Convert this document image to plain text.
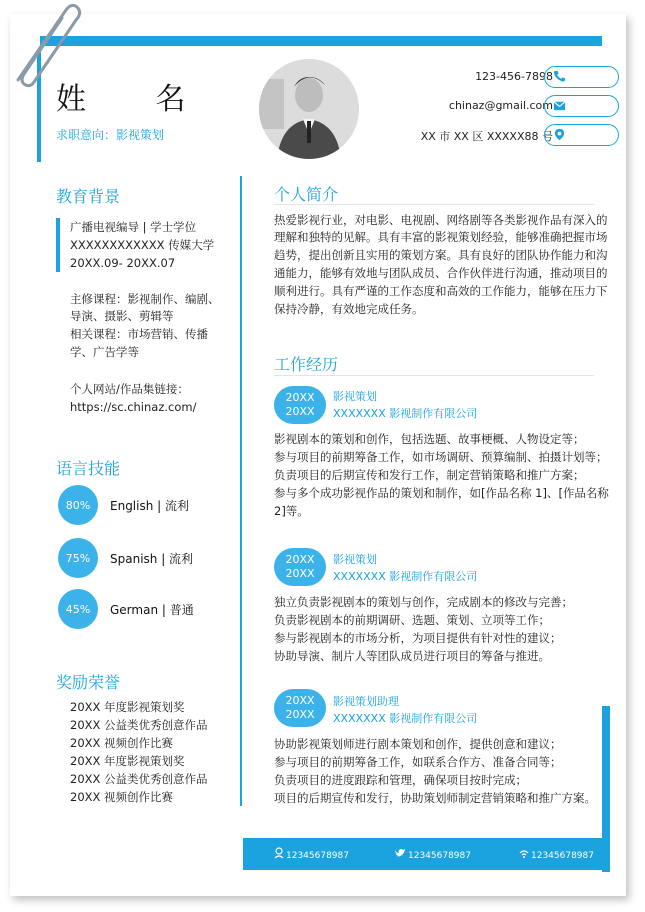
姓 名
求职意向：影视策划
123-456-7898
chinaz@gmail.com
XX 市 XX 区 XXXXX88 号
教育背景
广播电视编导 | 学士学位
XXXXXXXXXXXX 传媒大学
20XX.09- 20XX.07
主修课程：影视制作、编剧、
导演、摄影、剪辑等
相关课程：市场营销、传播
学、广告学等
个人网站/作品集链接：
https://sc.chinaz.com/
语言技能
80%	English | 流利
75%	Spanish | 流利
45%	German | 普通
奖励荣誉
20XX 年度影视策划奖
20XX 公益类优秀创意作品
20XX 视频创作比赛
20XX 年度影视策划奖
20XX 公益类优秀创意作品
20XX 视频创作比赛
个人简介
热爱影视行业，对电影、电视剧、网络剧等各类影视作品有深入的
理解和独特的见解。具有丰富的影视策划经验，能够准确把握市场
趋势，提出创新且实用的策划方案。具有良好的团队协作能力和沟
通能力，能够有效地与团队成员、合作伙伴进行沟通，推动项目的
顺利进行。具有严谨的工作态度和高效的工作能力，能够在压力下
保持冷静，有效地完成任务。
工作经历
20XX
20XX
影视策划
XXXXXXX 影视制作有限公司
影视剧本的策划和创作，包括选题、故事梗概、人物设定等；
参与项目的前期筹备工作，如市场调研、预算编制、拍摄计划等；
负责项目的后期宣传和发行工作，制定营销策略和推广方案；
参与多个成功影视作品的策划和制作，如[作品名称 1]、[作品名称
2]等。
20XX
20XX
影视策划
XXXXXXX 影视制作有限公司
独立负责影视剧本的策划与创作，完成剧本的修改与完善；
负责影视剧本的前期调研、选题、策划、立项等工作；
参与影视剧本的市场分析，为项目提供有针对性的建议；
协助导演、制片人等团队成员进行项目的筹备与推进。
20XX
20XX
影视策划助理
XXXXXXX 影视制作有限公司
协助影视策划师进行剧本策划和创作，提供创意和建议；
参与项目的前期筹备工作，如联系合作方、准备合同等；
负责项目的进度跟踪和管理，确保项目按时完成；
项目的后期宣传和发行，协助策划师制定营销策略和推广方案。
12345678987	12345678987	12345678987
